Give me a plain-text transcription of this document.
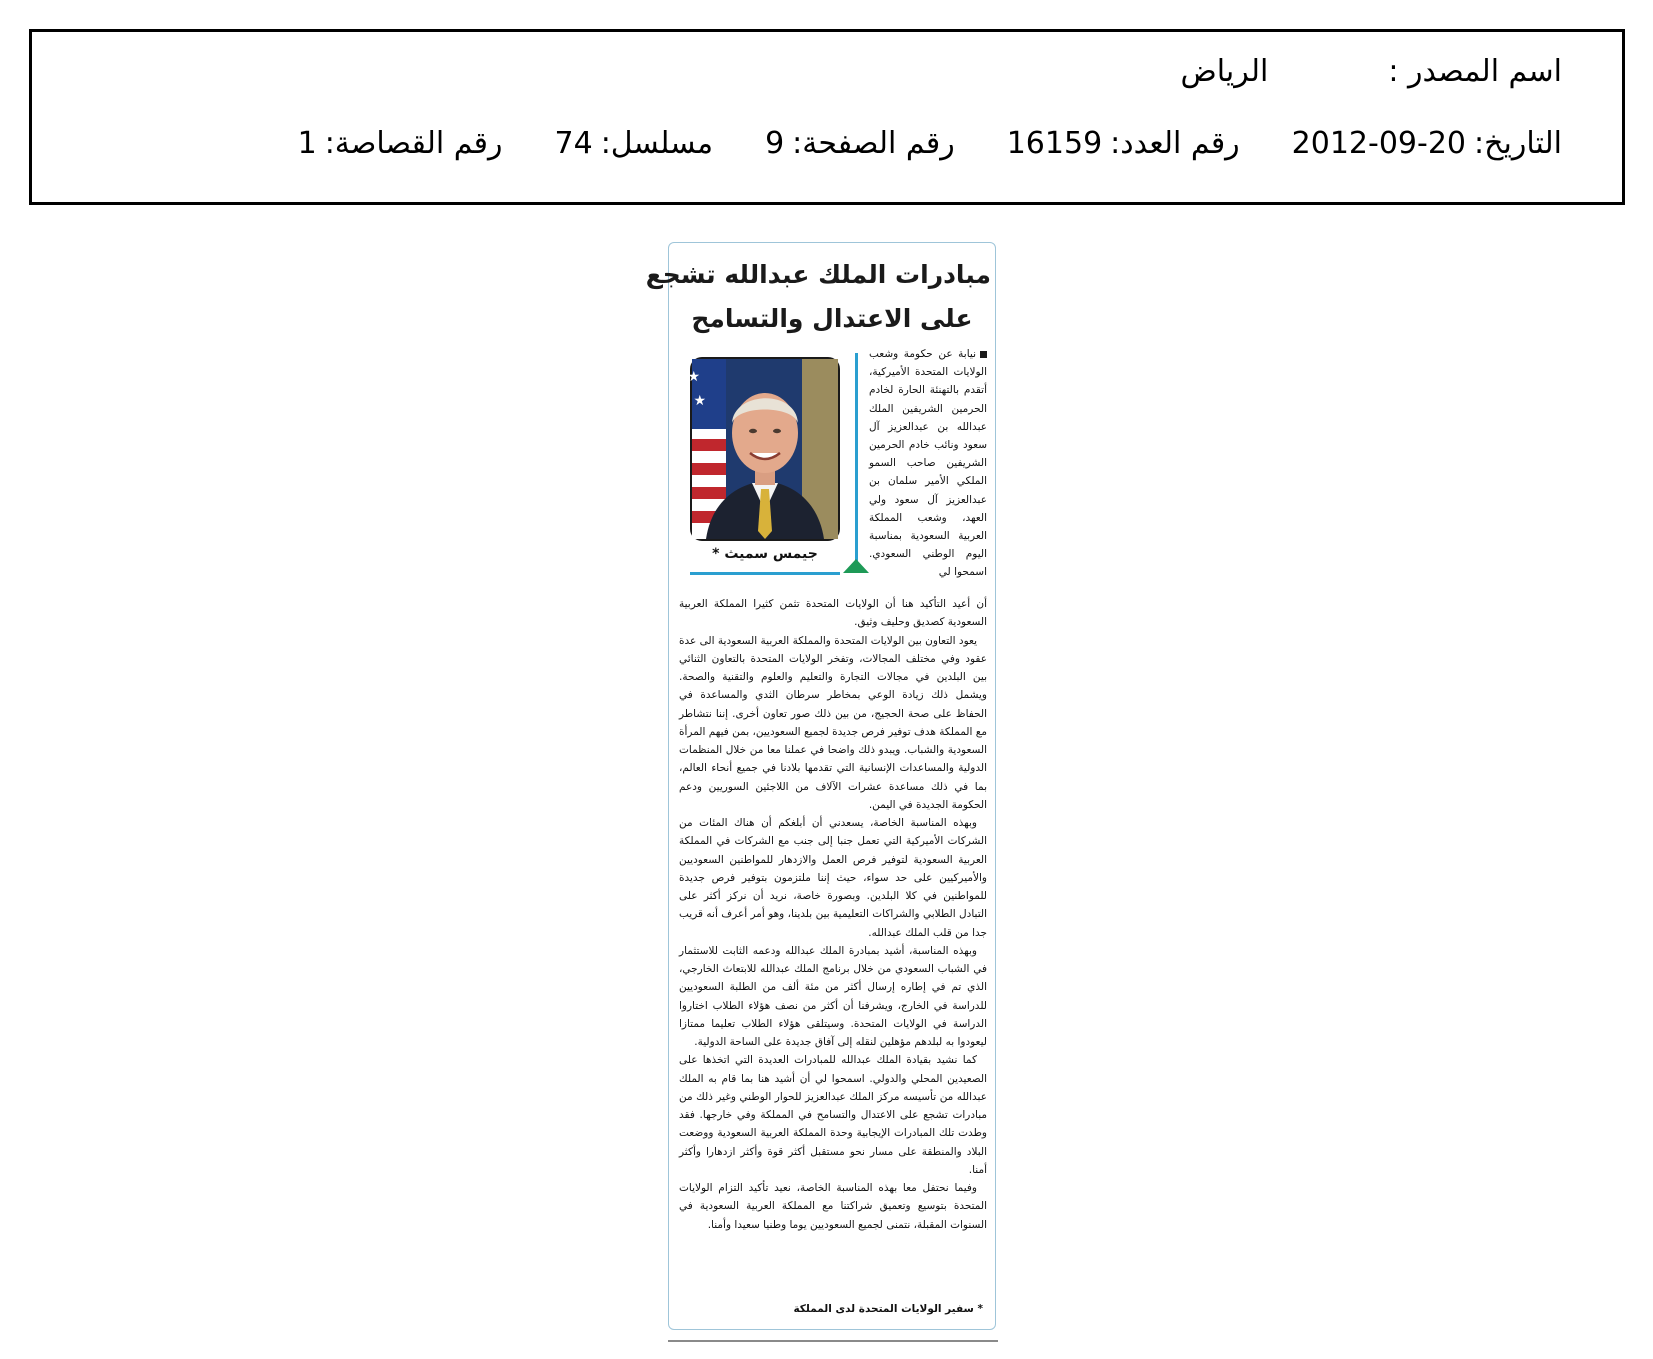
اسم المصدر :
الرياض
التاريخ:
2012-09-20
رقم العدد:
16159
رقم الصفحة:
9
مسلسل:
74
رقم القصاصة:
1
مبادرات الملك عبدالله تشجع
على الاعتدال والتسامح
نيابة عن حكومة وشعب الولايات المتحدة الأميركية، أتقدم بالتهنئة الحارة لخادم الحرمين الشريفين الملك عبدالله بن عبدالعزيز آل سعود ونائب خادم الحرمين الشريفين صاحب السمو الملكي الأمير سلمان بن عبدالعزيز آل سعود ولي العهد، وشعب المملكة العربية السعودية بمناسبة اليوم الوطني السعودي. اسمحوا لي
★
★
جيمس سميث *

أن أعيد التأكيد هنا أن الولايات المتحدة تثمن كثيرا المملكة العربية السعودية كصديق وحليف وثيق.

يعود التعاون بين الولايات المتحدة والمملكة العربية السعودية الى عدة عقود وفي مختلف المجالات، وتفخر الولايات المتحدة بالتعاون الثنائي بين البلدين في مجالات التجارة والتعليم والعلوم والتقنية والصحة. ويشمل ذلك زيادة الوعي بمخاطر سرطان الثدي والمساعدة في الحفاظ على صحة الحجيج، من بين ذلك صور تعاون أخرى. إننا نتشاطر مع المملكة هدف توفير فرص جديدة لجميع السعوديين، بمن فيهم المرأة السعودية والشباب. ويبدو ذلك واضحا في عملنا معا من خلال المنظمات الدولية والمساعدات الإنسانية التي تقدمها بلادنا في جميع أنحاء العالم، بما في ذلك مساعدة عشرات الآلاف من اللاجئين السوريين ودعم الحكومة الجديدة في اليمن.

وبهذه المناسبة الخاصة، يسعدني أن أبلغكم أن هناك المئات من الشركات الأميركية التي تعمل جنبا إلى جنب مع الشركات في المملكة العربية السعودية لتوفير فرص العمل والازدهار للمواطنين السعوديين والأميركيين على حد سواء، حيث إننا ملتزمون بتوفير فرص جديدة للمواطنين في كلا البلدين. وبصورة خاصة، نريد أن نركز أكثر على التبادل الطلابي والشراكات التعليمية بين بلدينا، وهو أمر أعرف أنه قريب جدا من قلب الملك عبدالله.

وبهذه المناسبة، أشيد بمبادرة الملك عبدالله ودعمه الثابت للاستثمار في الشباب السعودي من خلال برنامج الملك عبدالله للابتعاث الخارجي، الذي تم في إطاره إرسال أكثر من مئة ألف من الطلبة السعوديين للدراسة في الخارج، ويشرفنا أن أكثر من نصف هؤلاء الطلاب اختاروا الدراسة في الولايات المتحدة. وسيتلقى هؤلاء الطلاب تعليما ممتازا ليعودوا به لبلدهم مؤهلين لنقله إلى آفاق جديدة على الساحة الدولية.

كما نشيد بقيادة الملك عبدالله للمبادرات العديدة التي اتخذها على الصعيدين المحلي والدولي. اسمحوا لي أن أشيد هنا بما قام به الملك عبدالله من تأسيسه مركز الملك عبدالعزيز للحوار الوطني وغير ذلك من مبادرات تشجع على الاعتدال والتسامح في المملكة وفي خارجها. فقد وطدت تلك المبادرات الإيجابية وحدة المملكة العربية السعودية ووضعت البلاد والمنطقة على مسار نحو مستقبل أكثر قوة وأكثر ازدهارا وأكثر أمنا.

وفيما نحتفل معا بهذه المناسبة الخاصة، نعيد تأكيد التزام الولايات المتحدة بتوسيع وتعميق شراكتنا مع المملكة العربية السعودية في السنوات المقبلة، نتمنى لجميع السعوديين يوما وطنيا سعيدا وأمنا.

* سفير الولايات المتحدة لدى المملكة
